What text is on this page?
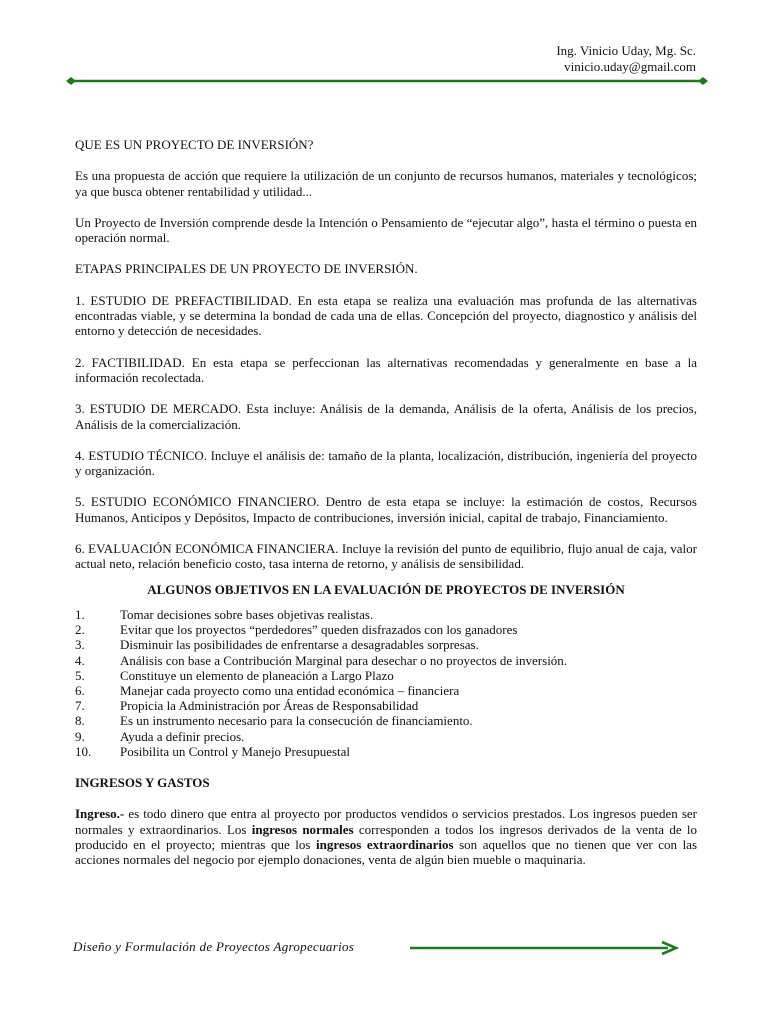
Ing. Vinicio Uday, Mg. Sc.
vinicio.uday@gmail.com

QUE ES UN PROYECTO DE INVERSIÓN?

Es una propuesta de acción que requiere la utilización de un conjunto de recursos humanos, materiales y tecnológicos; ya que busca obtener rentabilidad y utilidad...

Un Proyecto de Inversión comprende desde la Intención o Pensamiento de “ejecutar algo”, hasta el término o puesta en operación normal.

ETAPAS PRINCIPALES DE UN PROYECTO DE INVERSIÓN.

1. ESTUDIO DE PREFACTIBILIDAD. En esta etapa se realiza una evaluación mas profunda de las alternativas encontradas viable, y se determina la bondad de cada una de ellas. Concepción del proyecto, diagnostico y análisis del entorno y detección de necesidades.

2. FACTIBILIDAD. En esta etapa se perfeccionan las alternativas recomendadas y generalmente en base a la información recolectada.

3. ESTUDIO DE MERCADO. Esta incluye: Análisis de la demanda, Análisis de la oferta, Análisis de los precios, Análisis de la comercialización.

4. ESTUDIO TÉCNICO. Incluye el análisis de: tamaño de la planta, localización, distribución, ingeniería del proyecto y organización.

5. ESTUDIO ECONÓMICO FINANCIERO. Dentro de esta etapa se incluye: la estimación de costos, Recursos Humanos, Anticipos y Depósitos, Impacto de contribuciones, inversión inicial, capital de trabajo, Financiamiento.

6. EVALUACIÓN ECONÓMICA FINANCIERA. Incluye la revisión del punto de equilibrio, flujo anual de caja, valor actual neto, relación beneficio costo, tasa interna de retorno, y análisis de sensibilidad.

ALGUNOS OBJETIVOS EN LA EVALUACIÓN DE PROYECTOS DE INVERSIÓN

1.	Tomar decisiones sobre bases objetivas realistas.
2.	Evitar que los proyectos “perdedores” queden disfrazados con los ganadores
3.	Disminuir las posibilidades de enfrentarse a desagradables sorpresas.
4.	Análisis con base a Contribución Marginal para desechar o no proyectos de inversión.
5.	Constituye un elemento de planeación a Largo Plazo
6.	Manejar cada proyecto como una entidad económica – financiera
7.	Propicia la Administración por Áreas de Responsabilidad
8.	Es un instrumento necesario para la consecución de financiamiento.
9.	Ayuda a definir precios.
10.	Posibilita un Control y Manejo Presupuestal

INGRESOS Y GASTOS

Ingreso.- es todo dinero que entra al proyecto por productos vendidos o servicios prestados. Los ingresos pueden ser normales y extraordinarios. Los ingresos normales corresponden a todos los ingresos derivados de la venta de lo producido en el proyecto; mientras que los ingresos extraordinarios son aquellos que no tienen que ver con las acciones normales del negocio por ejemplo donaciones, venta de algún bien mueble o maquinaria.

Diseño y Formulación de Proyectos Agropecuarios
